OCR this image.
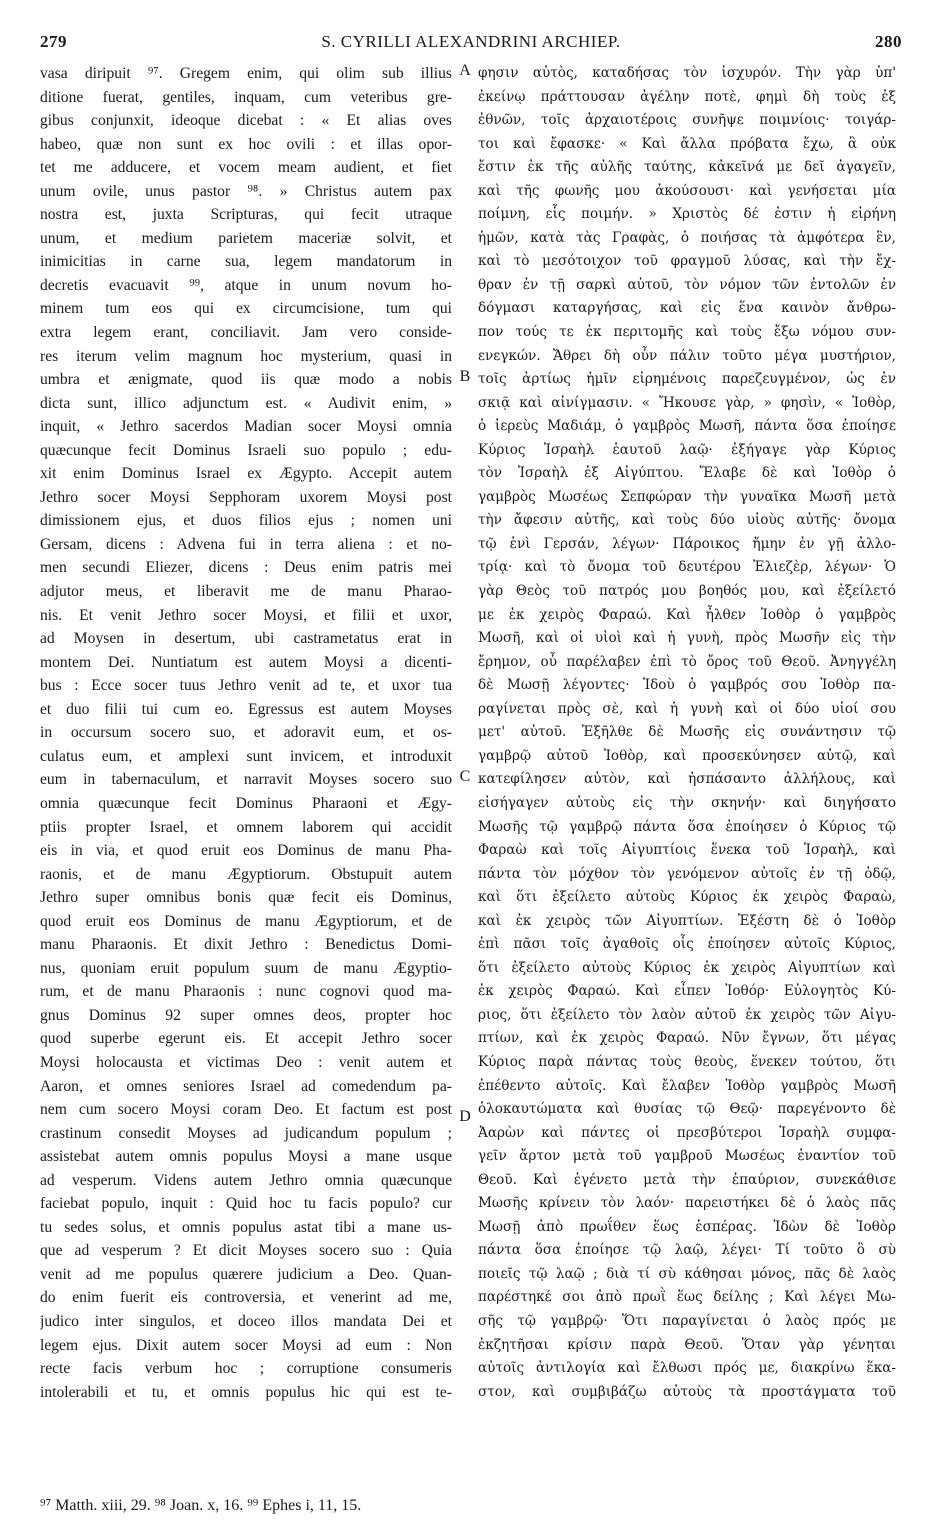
279	S. CYRILLI ALEXANDRINI ARCHIEP.	280
vasa diripuit ⁹⁷. Gregem enim, qui olim sub illius
ditione fuerat, gentiles, inquam, cum veteribus gre-
gibus conjunxit, ideoque dicebat : « Et alias oves
habeo, quæ non sunt ex hoc ovili : et illas opor-
tet me adducere, et vocem meam audient, et fiet
unum ovile, unus pastor ⁹⁸. » Christus autem pax
nostra est, juxta Scripturas, qui fecit utraque
unum, et medium parietem maceriæ solvit, et
inimicitias in carne sua, legem mandatorum in
decretis evacuavit ⁹⁹, atque in unum novum ho-
minem tum eos qui ex circumcisione, tum qui
extra legem erant, conciliavit. Jam vero conside-
res iterum velim magnum hoc mysterium, quasi in
umbra et ænigmate, quod iis quæ modo a nobis
dicta sunt, illico adjunctum est. « Audivit enim, »
inquit, « Jethro sacerdos Madian socer Moysi omnia
quæcunque fecit Dominus Israeli suo populo ; edu-
xit enim Dominus Israel ex Ægypto. Accepit autem
Jethro socer Moysi Sepphoram uxorem Moysi post
dimissionem ejus, et duos filios ejus ; nomen uni
Gersam, dicens : Advena fui in terra aliena : et no-
men secundi Eliezer, dicens : Deus enim patris mei
adjutor meus, et liberavit me de manu Pharao-
nis. Et venit Jethro socer Moysi, et filii et uxor,
ad Moysen in desertum, ubi castrametatus erat in
montem Dei. Nuntiatum est autem Moysi a dicenti-
bus : Ecce socer tuus Jethro venit ad te, et uxor tua
et duo filii tui cum eo. Egressus est autem Moyses
in occursum socero suo, et adoravit eum, et os-
culatus eum, et amplexi sunt invicem, et introduxit
eum in tabernaculum, et narravit Moyses socero suo
omnia quæcunque fecit Dominus Pharaoni et Ægy-
ptiis propter Israel, et omnem laborem qui accidit
eis in via, et quod eruit eos Dominus de manu Pha-
raonis, et de manu Ægyptiorum. Obstupuit autem
Jethro super omnibus bonis quæ fecit eis Dominus,
quod eruit eos Dominus de manu Ægyptiorum, et de
manu Pharaonis. Et dixit Jethro : Benedictus Domi-
nus, quoniam eruit populum suum de manu Ægyptio-
rum, et de manu Pharaonis : nunc cognovi quod ma-
gnus Dominus 92 super omnes deos, propter hoc
quod superbe egerunt eis. Et accepit Jethro socer
Moysi holocausta et victimas Deo : venit autem et
Aaron, et omnes seniores Israel ad comedendum pa-
nem cum socero Moysi coram Deo. Et factum est post
crastinum consedit Moyses ad judicandum populum ;
assistebat autem omnis populus Moysi a mane usque
ad vesperum. Videns autem Jethro omnia quæcunque
faciebat populo, inquit : Quid hoc tu facis populo? cur
tu sedes solus, et omnis populus astat tibi a mane us-
que ad vesperum ? Et dicit Moyses socero suo : Quia
venit ad me populus quærere judicium a Deo. Quan-
do enim fuerit eis controversia, et venerint ad me,
judico inter singulos, et doceo illos mandata Dei et
legem ejus. Dixit autem socer Moysi ad eum : Non
recte facis verbum hoc ; corruptione consumeris
intolerabili et tu, et omnis populus hic qui est te-
A
B
C
D
φησιν αὐτὸς, καταδήσας τὸν ἰσχυρόν. Τὴν γὰρ ὑπ'
ἐκείνῳ πράττουσαν ἀγέλην ποτὲ, φημὶ δὴ τοὺς ἐξ
ἐθνῶν, τοῖς ἀρχαιοτέροις συνῆψε ποιμνίοις· τοιγάρ-
τοι καὶ ἔφασκε· « Καὶ ἄλλα πρόβατα ἔχω, ἃ οὐκ
ἔστιν ἐκ τῆς αὐλῆς ταύτης, κἀκεῖνά με δεῖ ἀγαγεῖν,
καὶ τῆς φωνῆς μου ἀκούσουσι· καὶ γενήσεται μία
ποίμνη, εἷς ποιμήν. » Χριστὸς δέ ἐστιν ἡ εἰρήνη
ἡμῶν, κατὰ τὰς Γραφὰς, ὁ ποιήσας τὰ ἀμφότερα ἓν,
καὶ τὸ μεσότοιχον τοῦ φραγμοῦ λύσας, καὶ τὴν ἔχ-
θραν ἐν τῇ σαρκὶ αὐτοῦ, τὸν νόμον τῶν ἐντολῶν ἐν
δόγμασι καταργήσας, καὶ εἰς ἕνα καινὸν ἄνθρω-
πον τούς τε ἐκ περιτομῆς καὶ τοὺς ἔξω νόμου συν-
ενεγκών. Ἄθρει δὴ οὖν πάλιν τοῦτο μέγα μυστήριον,
τοῖς ἀρτίως ἡμῖν εἰρημένοις παρεζευγμένον, ὡς ἐν
σκιᾷ καὶ αἰνίγμασιν. « Ἤκουσε γὰρ, » φησὶν, « Ἰοθὸρ,
ὁ ἱερεὺς Μαδιάμ, ὁ γαμβρὸς Μωσῆ, πάντα ὅσα ἐποίησε
Κύριος Ἰσραὴλ ἑαυτοῦ λαῷ· ἐξήγαγε γὰρ Κύριος
τὸν Ἰσραὴλ ἐξ Αἰγύπτου. Ἔλαβε δὲ καὶ Ἰοθὸρ ὁ
γαμβρὸς Μωσέως Σεπφώραν τὴν γυναῖκα Μωσῆ μετὰ
τὴν ἄφεσιν αὐτῆς, καὶ τοὺς δύο υἱοὺς αὐτῆς· ὄνομα
τῷ ἑνὶ Γερσάν, λέγων· Πάροικος ἤμην ἐν γῇ ἀλλο-
τρίᾳ· καὶ τὸ ὄνομα τοῦ δευτέρου Ἐλιεζὲρ, λέγων· Ὁ
γὰρ Θεὸς τοῦ πατρός μου βοηθός μου, καὶ ἐξείλετό
με ἐκ χειρὸς Φαραώ. Καὶ ἦλθεν Ἰοθὸρ ὁ γαμβρὸς
Μωσῆ, καὶ οἱ υἱοὶ καὶ ἡ γυνὴ, πρὸς Μωσῆν εἰς τὴν
ἔρημον, οὗ παρέλαβεν ἐπὶ τὸ ὄρος τοῦ Θεοῦ. Ἀνηγγέλη
δὲ Μωσῇ λέγοντες· Ἰδοὺ ὁ γαμβρός σου Ἰοθὸρ πα-
ραγίνεται πρὸς σὲ, καὶ ἡ γυνὴ καὶ οἱ δύο υἱοί σου
μετ' αὐτοῦ. Ἐξῆλθε δὲ Μωσῆς εἰς συνάντησιν τῷ
γαμβρῷ αὐτοῦ Ἰοθὸρ, καὶ προσεκύνησεν αὐτῷ, καὶ
κατεφίλησεν αὐτὸν, καὶ ἠσπάσαντο ἀλλήλους, καὶ
εἰσήγαγεν αὐτοὺς εἰς τὴν σκηνήν· καὶ διηγήσατο
Μωσῆς τῷ γαμβρῷ πάντα ὅσα ἐποίησεν ὁ Κύριος τῷ
Φαραὼ καὶ τοῖς Αἰγυπτίοις ἕνεκα τοῦ Ἰσραὴλ, καὶ
πάντα τὸν μόχθον τὸν γενόμενον αὐτοῖς ἐν τῇ ὁδῷ,
καὶ ὅτι ἐξείλετο αὐτοὺς Κύριος ἐκ χειρὸς Φαραὼ,
καὶ ἐκ χειρὸς τῶν Αἰγυπτίων. Ἐξέστη δὲ ὁ Ἰοθὸρ
ἐπὶ πᾶσι τοῖς ἀγαθοῖς οἷς ἐποίησεν αὐτοῖς Κύριος,
ὅτι ἐξείλετο αὐτοὺς Κύριος ἐκ χειρὸς Αἰγυπτίων καὶ
ἐκ χειρὸς Φαραώ. Καὶ εἶπεν Ἰοθόρ· Εὐλογητὸς Κύ-
ριος, ὅτι ἐξείλετο τὸν λαὸν αὐτοῦ ἐκ χειρὸς τῶν Αἰγυ-
πτίων, καὶ ἐκ χειρὸς Φαραώ. Νῦν ἔγνων, ὅτι μέγας
Κύριος παρὰ πάντας τοὺς θεοὺς, ἕνεκεν τούτου, ὅτι
ἐπέθεντο αὐτοῖς. Καὶ ἔλαβεν Ἰοθὸρ γαμβρὸς Μωσῆ
ὁλοκαυτώματα καὶ θυσίας τῷ Θεῷ· παρεγένοντο δὲ
Ἀαρὼν καὶ πάντες οἱ πρεσβύτεροι Ἰσραὴλ συμφα-
γεῖν ἄρτον μετὰ τοῦ γαμβροῦ Μωσέως ἐναντίον τοῦ
Θεοῦ. Καὶ ἐγένετο μετὰ τὴν ἐπαύριον, συνεκάθισε
Μωσῆς κρίνειν τὸν λαόν· παρειστήκει δὲ ὁ λαὸς πᾶς
Μωσῇ ἀπὸ πρωΐθεν ἕως ἑσπέρας. Ἰδὼν δὲ Ἰοθὸρ
πάντα ὅσα ἐποίησε τῷ λαῷ, λέγει· Τί τοῦτο ὃ σὺ
ποιεῖς τῷ λαῷ ; διὰ τί σὺ κάθησαι μόνος, πᾶς δὲ λαὸς
παρέστηκέ σοι ἀπὸ πρωῒ ἕως δείλης ; Καὶ λέγει Μω-
σῆς τῷ γαμβρῷ· Ὅτι παραγίνεται ὁ λαὸς πρός με
ἐκζητῆσαι κρίσιν παρὰ Θεοῦ. Ὅταν γὰρ γένηται
αὐτοῖς ἀντιλογία καὶ ἔλθωσι πρός με, διακρίνω ἕκα-
στον, καὶ συμβιβάζω αὐτοὺς τὰ προστάγματα τοῦ
⁹⁷ Matth. xiii, 29. ⁹⁸ Joan. x, 16. ⁹⁹ Ephes i, 11, 15.
